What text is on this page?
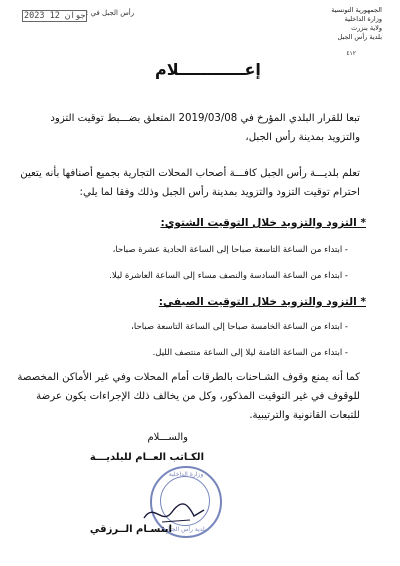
الجمهورية التونسية
وزارة الداخلية
ولاية بنزرت
بلدية رأس الجبل
٤١٢
رأس الجبل في :
2023 جوان 12
إعــــــــــــلام
تبعا للقرار البلدي المؤرخ في 2019/03/08 المتعلق بضـــبط توقيت التزود والتزويد بمدينة رأس الجبل،
تعلم بلديـــة رأس الجبل كافـــة أصحاب المحلات التجارية بجميع أصنافها بأنه يتعين احترام توقيت التزود والتزويد بمدينة رأس الجبل وذلك وفقا لما يلي:
* التزود والتزويد خلال التوقيت الشتوي:
- ابتداء من الساعة التاسعة صباحا إلى الساعة الحادية عشرة صباحا،
- ابتداء من الساعة السادسة والنصف مساء إلى الساعة العاشرة ليلا.
* التزود والتزويد خلال التوقيت الصيفي:
- ابتداء من الساعة الخامسة صباحا إلى الساعة التاسعة صباحا،
- ابتداء من الساعة الثامنة ليلا إلى الساعة منتصف الليل.
كما أنه يمنع وقوف الشـاحنات بالطرقات أمام المحلات وفي غير الأماكن المخصصة للوقوف في غير التوقيت المذكور، وكل من يخالف ذلك الإجراءات يكون عرضة للتبعات القانونية والترتيبية.
والســـلام
الكـاتب العــام للبلديـــة
وزارة الداخلية
بلدية رأس الجبل
ابتسـام الــرزقي
